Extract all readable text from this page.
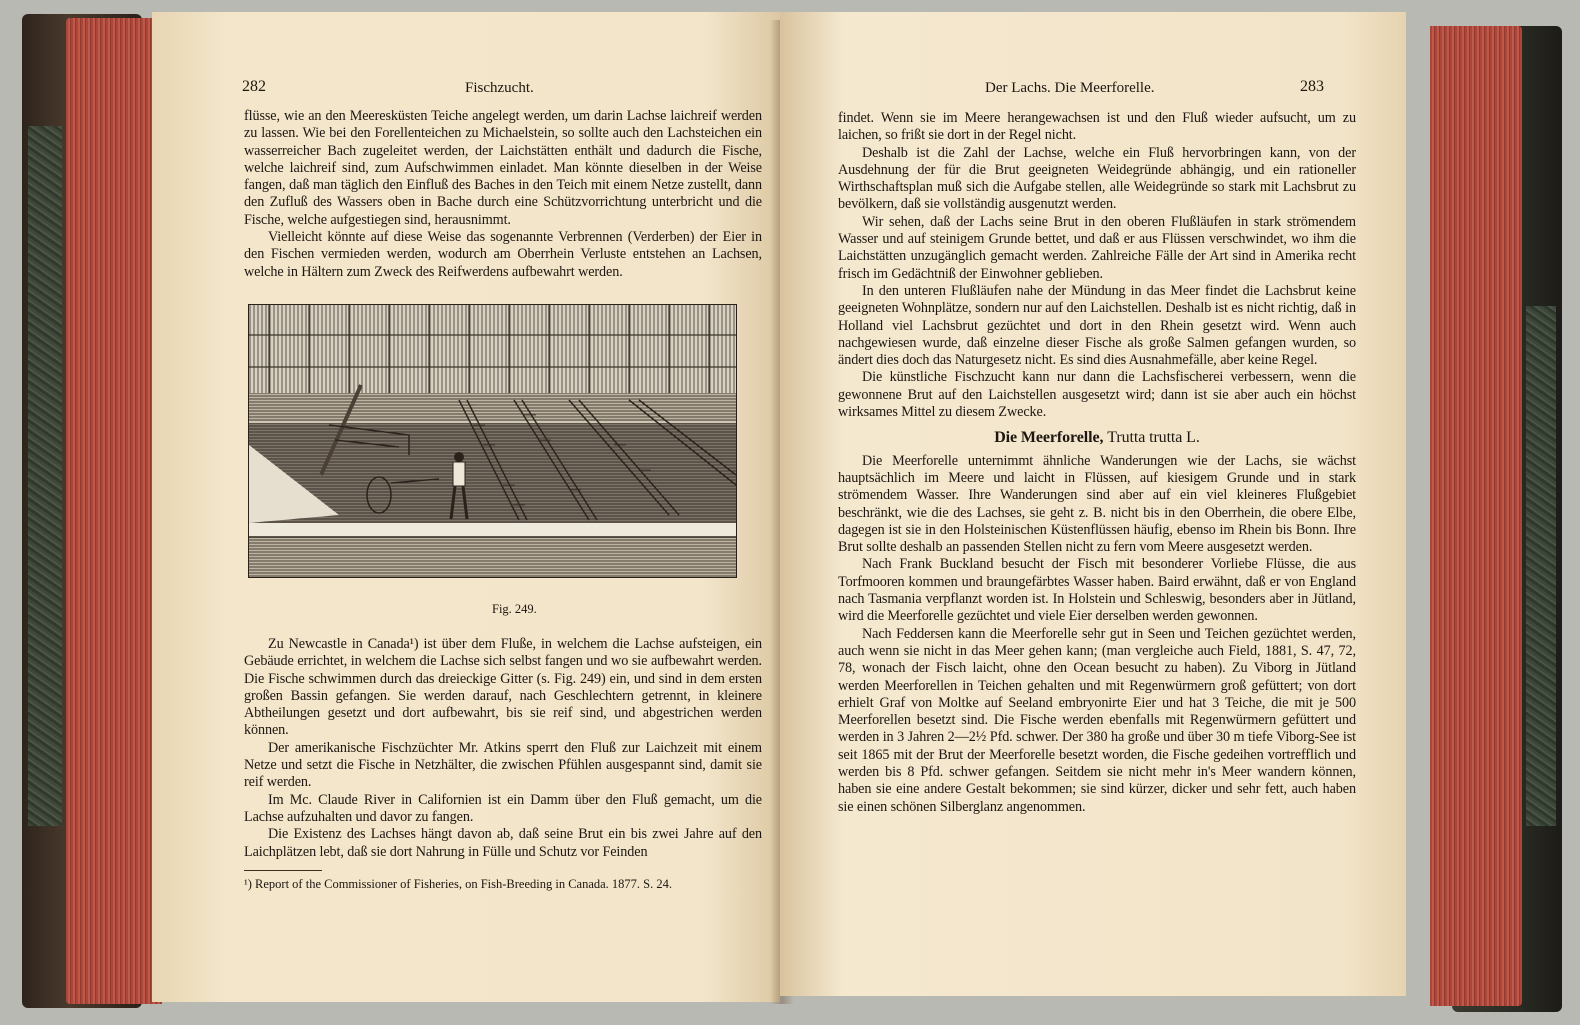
282	Fischzucht.

flüsse, wie an den Meeresküsten Teiche angelegt werden, um darin Lachse laichreif werden zu lassen. Wie bei den Forellenteichen zu Michaelstein, so sollte auch den Lachsteichen ein wasserreicher Bach zugeleitet werden, der Laichstätten enthält und dadurch die Fische, welche laichreif sind, zum Aufschwimmen einladet. Man könnte dieselben in der Weise fangen, daß man täglich den Einfluß des Baches in den Teich mit einem Netze zustellt, dann den Zufluß des Wassers oben in Bache durch eine Schützvorrichtung unterbricht und die Fische, welche aufgestiegen sind, herausnimmt.

Vielleicht könnte auf diese Weise das sogenannte Verbrennen (Verderben) der Eier in den Fischen vermieden werden, wodurch am Oberrhein Verluste entstehen an Lachsen, welche in Hältern zum Zweck des Reifwerdens aufbewahrt werden.

Fig. 249.

Zu Newcastle in Canada¹) ist über dem Fluße, in welchem die Lachse aufsteigen, ein Gebäude errichtet, in welchem die Lachse sich selbst fangen und wo sie aufbewahrt werden. Die Fische schwimmen durch das dreieckige Gitter (s. Fig. 249) ein, und sind in dem ersten großen Bassin gefangen. Sie werden darauf, nach Geschlechtern getrennt, in kleinere Abtheilungen gesetzt und dort aufbewahrt, bis sie reif sind, und abgestrichen werden können.

Der amerikanische Fischzüchter Mr. Atkins sperrt den Fluß zur Laichzeit mit einem Netze und setzt die Fische in Netzhälter, die zwischen Pfühlen ausgespannt sind, damit sie reif werden.

Im Mc. Claude River in Californien ist ein Damm über den Fluß gemacht, um die Lachse aufzuhalten und davor zu fangen.

Die Existenz des Lachses hängt davon ab, daß seine Brut ein bis zwei Jahre auf den Laichplätzen lebt, daß sie dort Nahrung in Fülle und Schutz vor Feinden

¹) Report of the Commissioner of Fisheries, on Fish-Breeding in Canada. 1877. S. 24.
Der Lachs. Die Meerforelle.	283

findet. Wenn sie im Meere herangewachsen ist und den Fluß wieder aufsucht, um zu laichen, so frißt sie dort in der Regel nicht.

Deshalb ist die Zahl der Lachse, welche ein Fluß hervorbringen kann, von der Ausdehnung der für die Brut geeigneten Weidegründe abhängig, und ein rationeller Wirthschaftsplan muß sich die Aufgabe stellen, alle Weidegründe so stark mit Lachsbrut zu bevölkern, daß sie vollständig ausgenutzt werden.

Wir sehen, daß der Lachs seine Brut in den oberen Flußläufen in stark strömendem Wasser und auf steinigem Grunde bettet, und daß er aus Flüssen verschwindet, wo ihm die Laichstätten unzugänglich gemacht werden. Zahlreiche Fälle der Art sind in Amerika recht frisch im Gedächtniß der Einwohner geblieben.

In den unteren Flußläufen nahe der Mündung in das Meer findet die Lachsbrut keine geeigneten Wohnplätze, sondern nur auf den Laichstellen. Deshalb ist es nicht richtig, daß in Holland viel Lachsbrut gezüchtet und dort in den Rhein gesetzt wird. Wenn auch nachgewiesen wurde, daß einzelne dieser Fische als große Salmen gefangen wurden, so ändert dies doch das Naturgesetz nicht. Es sind dies Ausnahmefälle, aber keine Regel.

Die künstliche Fischzucht kann nur dann die Lachsfischerei verbessern, wenn die gewonnene Brut auf den Laichstellen ausgesetzt wird; dann ist sie aber auch ein höchst wirksames Mittel zu diesem Zwecke.

Die Meerforelle, Trutta trutta L.

Die Meerforelle unternimmt ähnliche Wanderungen wie der Lachs, sie wächst hauptsächlich im Meere und laicht in Flüssen, auf kiesigem Grunde und in stark strömendem Wasser. Ihre Wanderungen sind aber auf ein viel kleineres Flußgebiet beschränkt, wie die des Lachses, sie geht z. B. nicht bis in den Oberrhein, die obere Elbe, dagegen ist sie in den Holsteinischen Küstenflüssen häufig, ebenso im Rhein bis Bonn. Ihre Brut sollte deshalb an passenden Stellen nicht zu fern vom Meere ausgesetzt werden.

Nach Frank Buckland besucht der Fisch mit besonderer Vorliebe Flüsse, die aus Torfmooren kommen und braungefärbtes Wasser haben. Baird erwähnt, daß er von England nach Tasmania verpflanzt worden ist. In Holstein und Schleswig, besonders aber in Jütland, wird die Meerforelle gezüchtet und viele Eier derselben werden gewonnen.

Nach Feddersen kann die Meerforelle sehr gut in Seen und Teichen gezüchtet werden, auch wenn sie nicht in das Meer gehen kann; (man vergleiche auch Field, 1881, S. 47, 72, 78, wonach der Fisch laicht, ohne den Ocean besucht zu haben). Zu Viborg in Jütland werden Meerforellen in Teichen gehalten und mit Regenwürmern groß gefüttert; von dort erhielt Graf von Moltke auf Seeland embryonirte Eier und hat 3 Teiche, die mit je 500 Meerforellen besetzt sind. Die Fische werden ebenfalls mit Regenwürmern gefüttert und werden in 3 Jahren 2—2½ Pfd. schwer. Der 380 ha große und über 30 m tiefe Viborg-See ist seit 1865 mit der Brut der Meerforelle besetzt worden, die Fische gedeihen vortrefflich und werden bis 8 Pfd. schwer gefangen. Seitdem sie nicht mehr in's Meer wandern können, haben sie eine andere Gestalt bekommen; sie sind kürzer, dicker und sehr fett, auch haben sie einen schönen Silberglanz angenommen.
